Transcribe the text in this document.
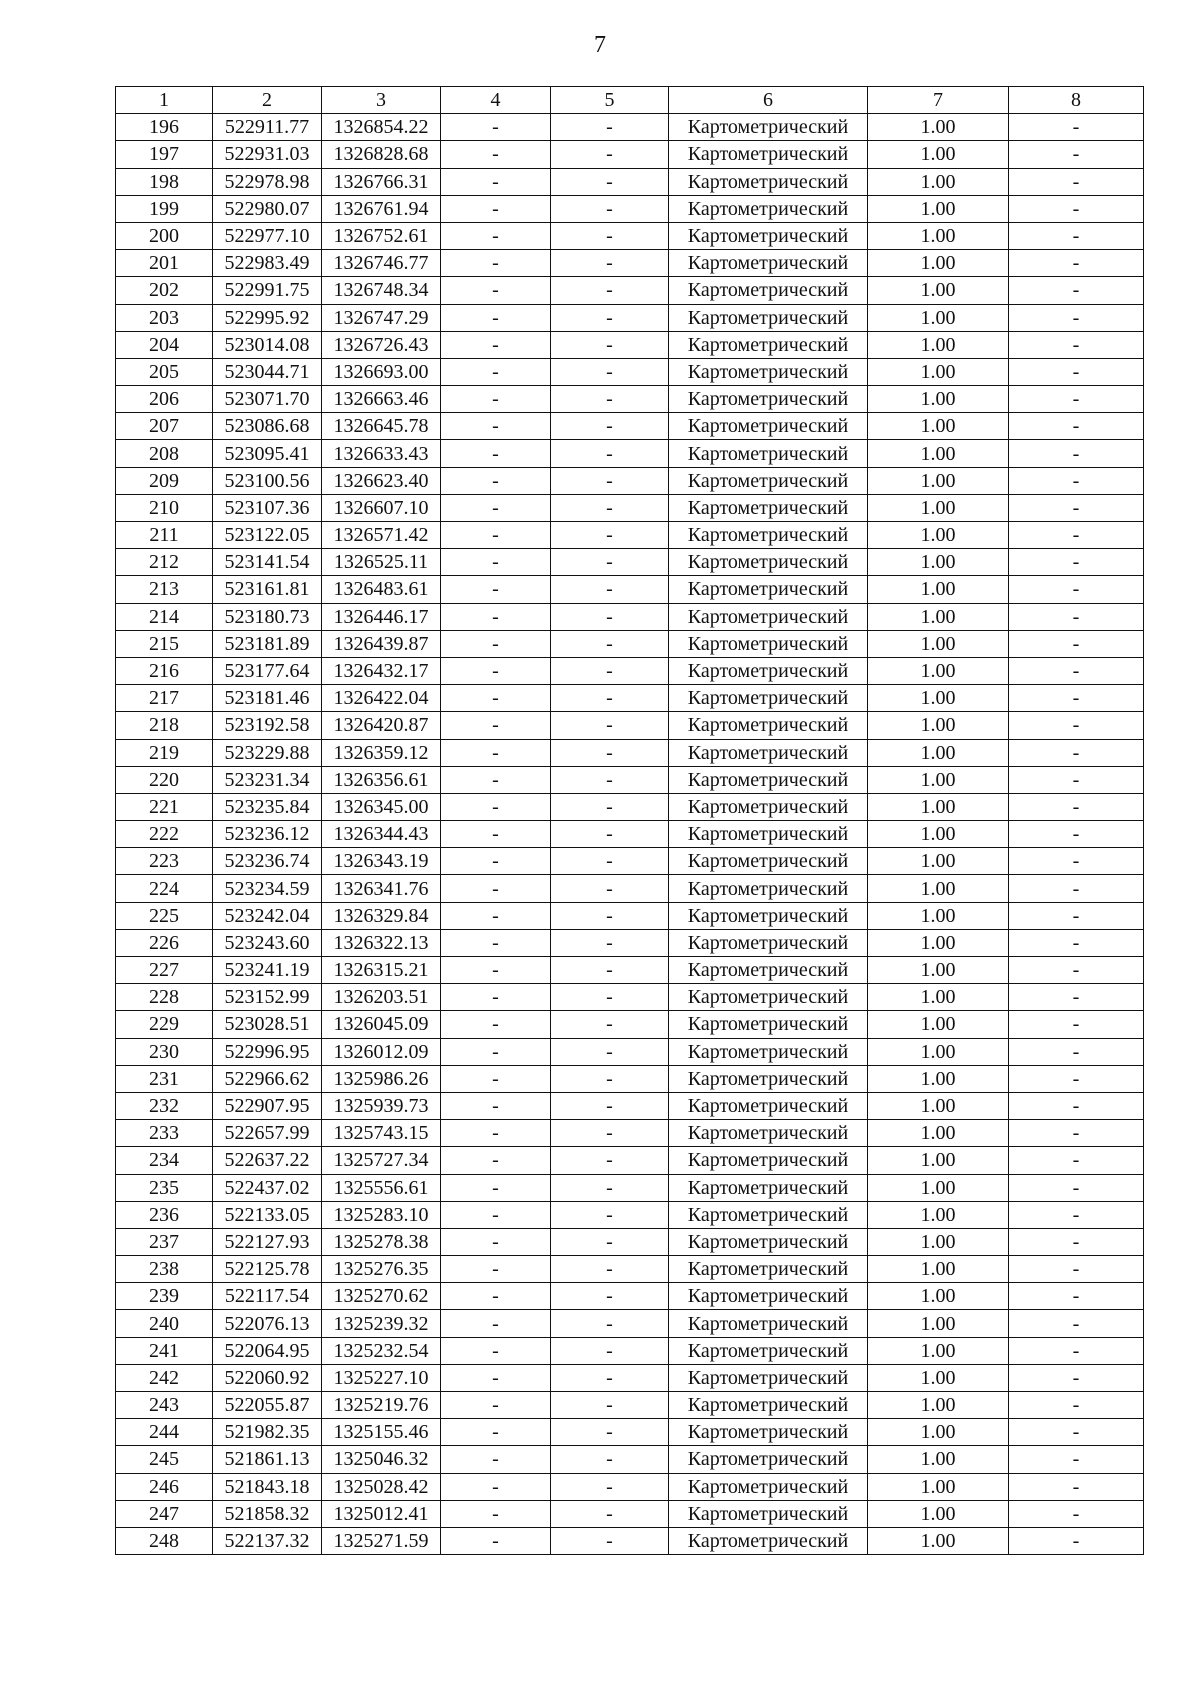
7
1	2	3	4	5	6	7	8
196	522911.77	1326854.22	-	-	Картометрический	1.00	-
197	522931.03	1326828.68	-	-	Картометрический	1.00	-
198	522978.98	1326766.31	-	-	Картометрический	1.00	-
199	522980.07	1326761.94	-	-	Картометрический	1.00	-
200	522977.10	1326752.61	-	-	Картометрический	1.00	-
201	522983.49	1326746.77	-	-	Картометрический	1.00	-
202	522991.75	1326748.34	-	-	Картометрический	1.00	-
203	522995.92	1326747.29	-	-	Картометрический	1.00	-
204	523014.08	1326726.43	-	-	Картометрический	1.00	-
205	523044.71	1326693.00	-	-	Картометрический	1.00	-
206	523071.70	1326663.46	-	-	Картометрический	1.00	-
207	523086.68	1326645.78	-	-	Картометрический	1.00	-
208	523095.41	1326633.43	-	-	Картометрический	1.00	-
209	523100.56	1326623.40	-	-	Картометрический	1.00	-
210	523107.36	1326607.10	-	-	Картометрический	1.00	-
211	523122.05	1326571.42	-	-	Картометрический	1.00	-
212	523141.54	1326525.11	-	-	Картометрический	1.00	-
213	523161.81	1326483.61	-	-	Картометрический	1.00	-
214	523180.73	1326446.17	-	-	Картометрический	1.00	-
215	523181.89	1326439.87	-	-	Картометрический	1.00	-
216	523177.64	1326432.17	-	-	Картометрический	1.00	-
217	523181.46	1326422.04	-	-	Картометрический	1.00	-
218	523192.58	1326420.87	-	-	Картометрический	1.00	-
219	523229.88	1326359.12	-	-	Картометрический	1.00	-
220	523231.34	1326356.61	-	-	Картометрический	1.00	-
221	523235.84	1326345.00	-	-	Картометрический	1.00	-
222	523236.12	1326344.43	-	-	Картометрический	1.00	-
223	523236.74	1326343.19	-	-	Картометрический	1.00	-
224	523234.59	1326341.76	-	-	Картометрический	1.00	-
225	523242.04	1326329.84	-	-	Картометрический	1.00	-
226	523243.60	1326322.13	-	-	Картометрический	1.00	-
227	523241.19	1326315.21	-	-	Картометрический	1.00	-
228	523152.99	1326203.51	-	-	Картометрический	1.00	-
229	523028.51	1326045.09	-	-	Картометрический	1.00	-
230	522996.95	1326012.09	-	-	Картометрический	1.00	-
231	522966.62	1325986.26	-	-	Картометрический	1.00	-
232	522907.95	1325939.73	-	-	Картометрический	1.00	-
233	522657.99	1325743.15	-	-	Картометрический	1.00	-
234	522637.22	1325727.34	-	-	Картометрический	1.00	-
235	522437.02	1325556.61	-	-	Картометрический	1.00	-
236	522133.05	1325283.10	-	-	Картометрический	1.00	-
237	522127.93	1325278.38	-	-	Картометрический	1.00	-
238	522125.78	1325276.35	-	-	Картометрический	1.00	-
239	522117.54	1325270.62	-	-	Картометрический	1.00	-
240	522076.13	1325239.32	-	-	Картометрический	1.00	-
241	522064.95	1325232.54	-	-	Картометрический	1.00	-
242	522060.92	1325227.10	-	-	Картометрический	1.00	-
243	522055.87	1325219.76	-	-	Картометрический	1.00	-
244	521982.35	1325155.46	-	-	Картометрический	1.00	-
245	521861.13	1325046.32	-	-	Картометрический	1.00	-
246	521843.18	1325028.42	-	-	Картометрический	1.00	-
247	521858.32	1325012.41	-	-	Картометрический	1.00	-
248	522137.32	1325271.59	-	-	Картометрический	1.00	-
